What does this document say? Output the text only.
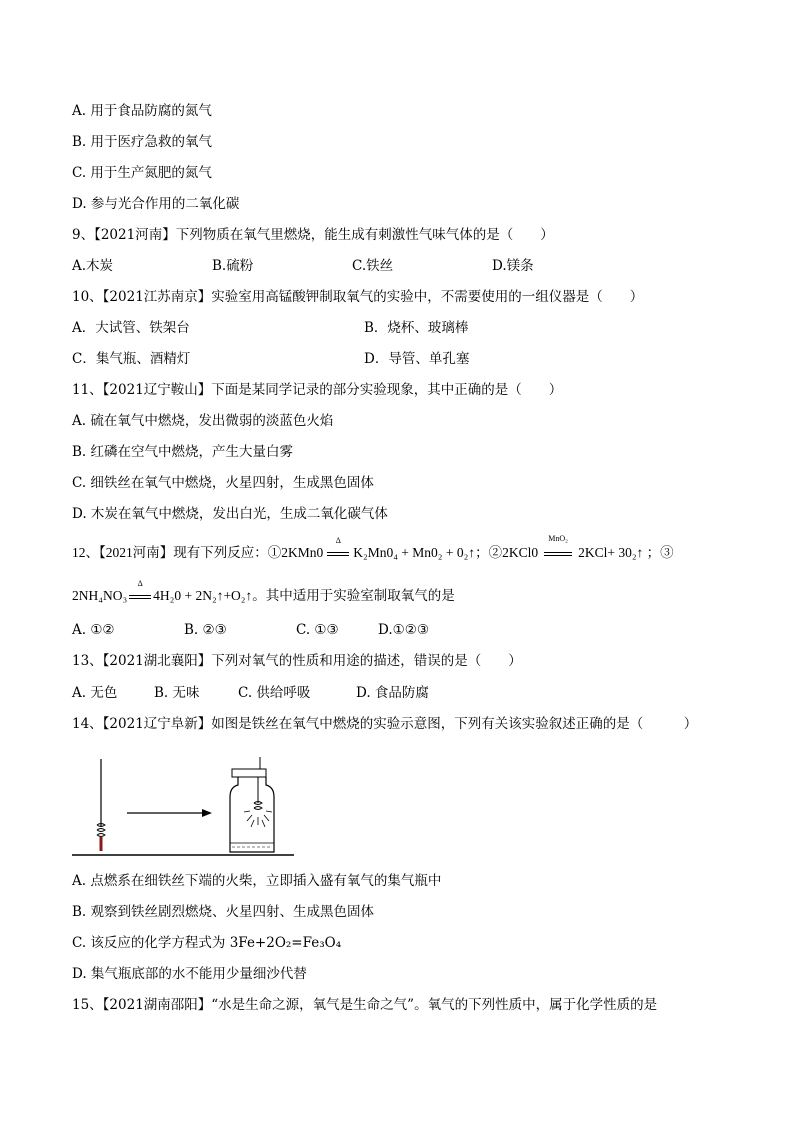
A. 用于食品防腐的氮气
B. 用于医疗急救的氧气
C. 用于生产氮肥的氮气
D. 参与光合作用的二氧化碳
9、【2021河南】下列物质在氧气里燃烧，能生成有刺激性气味气体的是（　　）
A.木炭	B.硫粉	C.铁丝	D.镁条
10、【2021江苏南京】实验室用高锰酸钾制取氧气的实验中，不需要使用的一组仪器是（　　）
A．大试管、铁架台	B．烧杯、玻璃棒
C．集气瓶、酒精灯	D．导管、单孔塞
11、【2021辽宁鞍山】下面是某同学记录的部分实验现象，其中正确的是（　　）
A. 硫在氧气中燃烧，发出微弱的淡蓝色火焰
B. 红磷在空气中燃烧，产生大量白雾
C. 细铁丝在氧气中燃烧，火星四射，生成黑色固体
D. 木炭在氧气中燃烧，发出白光，生成二氧化碳气体
12、【2021河南】现有下列反应：①2KMn0
Δ
K₂Mn0₄ + Mn0₂ + 0₂↑；②2KCl0
MnO₂
2KCl+ 30₂↑ ；③
2NH₄NO₃
Δ
4H₂0 + 2N₂↑+O₂↑。其中适用于实验室制取氧气的是
A. ①②	B. ②③	C. ①③	D.①②③
13、【2021湖北襄阳】下列对氧气的性质和用途的描述，错误的是（　　）
A. 无色	B. 无味	C. 供给呼吸	D. 食品防腐
14、【2021辽宁阜新】如图是铁丝在氧气中燃烧的实验示意图，下列有关该实验叙述正确的是（　　　）
A. 点燃系在细铁丝下端的火柴，立即插入盛有氧气的集气瓶中
B. 观察到铁丝剧烈燃烧、火星四射、生成黑色固体
C. 该反应的化学方程式为 3Fe+2O₂=Fe₃O₄
D. 集气瓶底部的水不能用少量细沙代替
15、【2021湖南邵阳】“水是生命之源，氧气是生命之气”。氧气的下列性质中，属于化学性质的是
